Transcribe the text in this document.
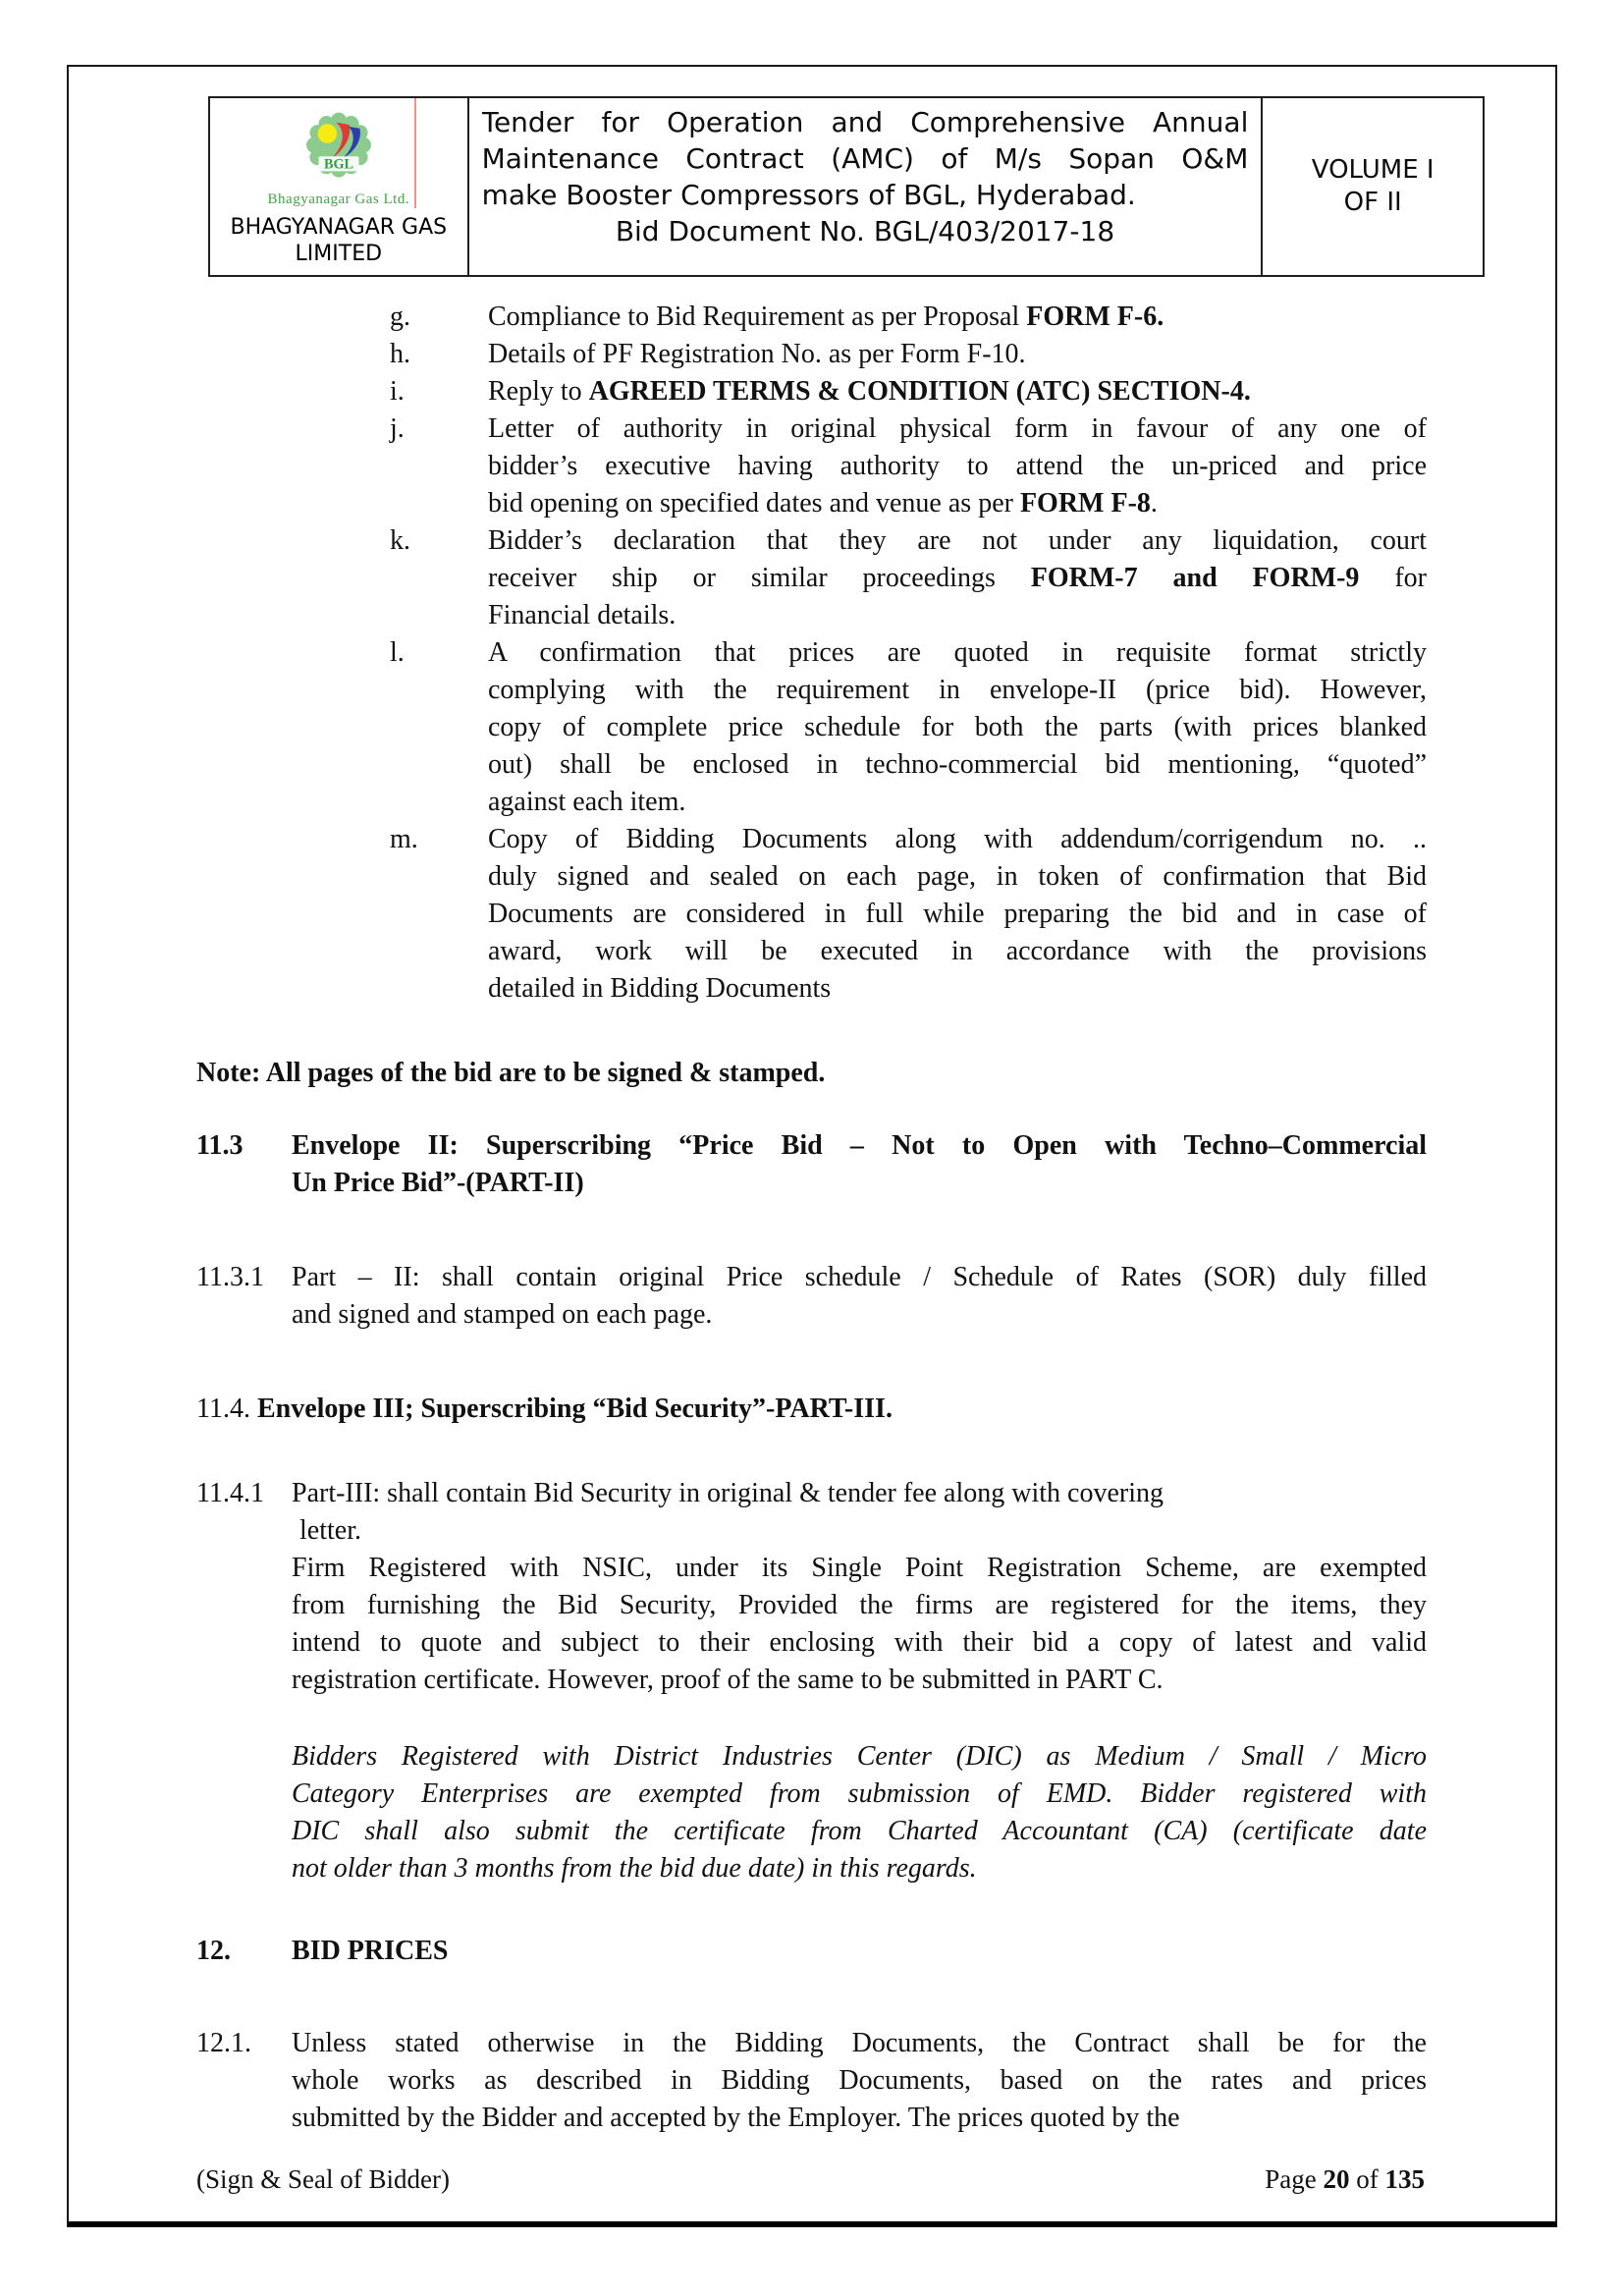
BGL
Bhagyanagar Gas Ltd.
BHAGYANAGAR GAS
LIMITED
Tender for Operation and Comprehensive Annual
Maintenance Contract (AMC) of M/s Sopan O&M
make Booster Compressors of BGL, Hyderabad.
Bid Document No. BGL/403/2017-18
VOLUME I
OF II
g.	Compliance to Bid Requirement as per Proposal FORM F-6.
h.	Details of PF Registration No. as per Form F-10.
i.	Reply to AGREED TERMS & CONDITION (ATC) SECTION-4.
j.	Letter of authority in original physical form in favour of any one of
bidder’s executive having authority to attend the un-priced and price
bid opening on specified dates and venue as per FORM F-8.
k.	Bidder’s declaration that they are not under any liquidation, court
receiver ship or similar proceedings FORM-7 and FORM-9 for
Financial details.
l.	A confirmation that prices are quoted in requisite format strictly
complying with the requirement in envelope-II (price bid). However,
copy of complete price schedule for both the parts (with prices blanked
out) shall be enclosed in techno-commercial bid mentioning, “quoted”
against each item.
m.	Copy of Bidding Documents along with addendum/corrigendum no. ..
duly signed and sealed on each page, in token of confirmation that Bid
Documents are considered in full while preparing the bid and in case of
award, work will be executed in accordance with the provisions
detailed in Bidding Documents
Note: All pages of the bid are to be signed & stamped.
11.3	Envelope II: Superscribing “Price Bid – Not to Open with Techno–Commercial
Un Price Bid”-(PART-II)
11.3.1	Part – II: shall contain original Price schedule / Schedule of Rates (SOR) duly filled
and signed and stamped on each page.
11.4. Envelope III; Superscribing “Bid Security”-PART-III.
11.4.1	Part-III: shall contain Bid Security in original & tender fee along with covering
letter.
Firm Registered with NSIC, under its Single Point Registration Scheme, are exempted
from furnishing the Bid Security, Provided the firms are registered for the items, they
intend to quote and subject to their enclosing with their bid a copy of latest and valid
registration certificate. However, proof of the same to be submitted in PART C.
Bidders Registered with District Industries Center (DIC) as Medium / Small / Micro
Category Enterprises are exempted from submission of EMD. Bidder registered with
DIC shall also submit the certificate from Charted Accountant (CA) (certificate date
not older than 3 months from the bid due date) in this regards.
12.	BID PRICES
12.1.	Unless stated otherwise in the Bidding Documents, the Contract shall be for the
whole works as described in Bidding Documents, based on the rates and prices
submitted by the Bidder and accepted by the Employer. The prices quoted by the
(Sign & Seal of Bidder)	Page 20 of 135
